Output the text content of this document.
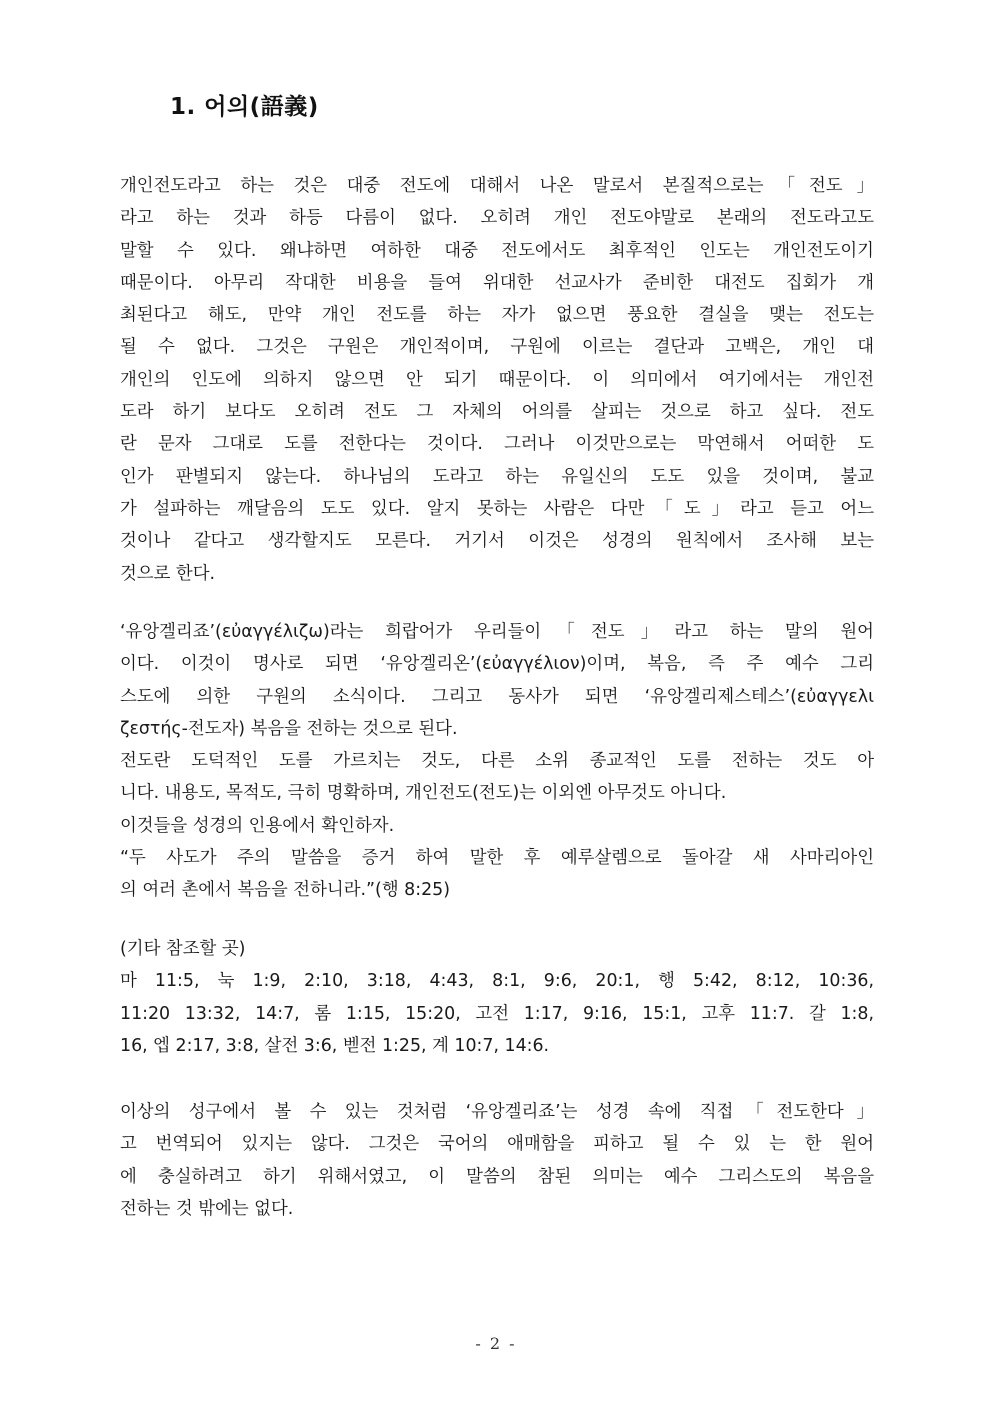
1. 어의(語義)
개인전도라고 하는 것은 대중 전도에 대해서 나온 말로서 본질적으로는「전도」
라고 하는 것과 하등 다름이 없다. 오히려 개인 전도야말로 본래의 전도라고도
말할 수 있다. 왜냐하면 여하한 대중 전도에서도 최후적인 인도는 개인전도이기
때문이다. 아무리 작대한 비용을 들여 위대한 선교사가 준비한 대전도 집회가 개
최된다고 해도, 만약 개인 전도를 하는 자가 없으면 풍요한 결실을 맺는 전도는
될 수 없다. 그것은 구원은 개인적이며, 구원에 이르는 결단과 고백은, 개인 대
개인의 인도에 의하지 않으면 안 되기 때문이다. 이 의미에서 여기에서는 개인전
도라 하기 보다도 오히려 전도 그 자체의 어의를 살피는 것으로 하고 싶다. 전도
란 문자 그대로 도를 전한다는 것이다. 그러나 이것만으로는 막연해서 어떠한 도
인가 판별되지 않는다. 하나님의 도라고 하는 유일신의 도도 있을 것이며, 불교
가 설파하는 깨달음의 도도 있다. 알지 못하는 사람은 다만「도」라고 듣고 어느
것이나 같다고 생각할지도 모른다. 거기서 이것은 성경의 원칙에서 조사해 보는
것으로 한다.
‘유앙겔리죠’(εὐαγγέλιζω)라는 희랍어가 우리들이「전도」라고 하는 말의 원어
이다. 이것이 명사로 되면 ‘유앙겔리온’(εὐαγγέλιον)이며, 복음, 즉 주 예수 그리
스도에 의한 구원의 소식이다. 그리고 동사가 되면 ‘유앙겔리제스테스’(εὐαγγελι
ζεστής-전도자) 복음을 전하는 것으로 된다.
전도란 도덕적인 도를 가르치는 것도, 다른 소위 종교적인 도를 전하는 것도 아
니다. 내용도, 목적도, 극히 명확하며, 개인전도(전도)는 이외엔 아무것도 아니다.
이것들을 성경의 인용에서 확인하자.
“두 사도가 주의 말씀을 증거 하여 말한 후 예루살렘으로 돌아갈 새 사마리아인
의 여러 촌에서 복음을 전하니라.”(행 8:25)
(기타 참조할 곳)
마 11:5, 눅 1:9, 2:10, 3:18, 4:43, 8:1, 9:6, 20:1, 행 5:42, 8:12, 10:36,
11:20 13:32, 14:7, 롬 1:15, 15:20, 고전 1:17, 9:16, 15:1, 고후 11:7. 갈 1:8,
16, 엡 2:17, 3:8, 살전 3:6, 벧전 1:25, 계 10:7, 14:6.
이상의 성구에서 볼 수 있는 것처럼 ‘유앙겔리죠’는 성경 속에 직접「전도한다」
고 번역되어 있지는 않다. 그것은 국어의 애매함을 피하고 될 수 있 는 한 원어
에 충실하려고 하기 위해서였고, 이 말씀의 참된 의미는 예수 그리스도의 복음을
전하는 것 밖에는 없다.
- 2 -
